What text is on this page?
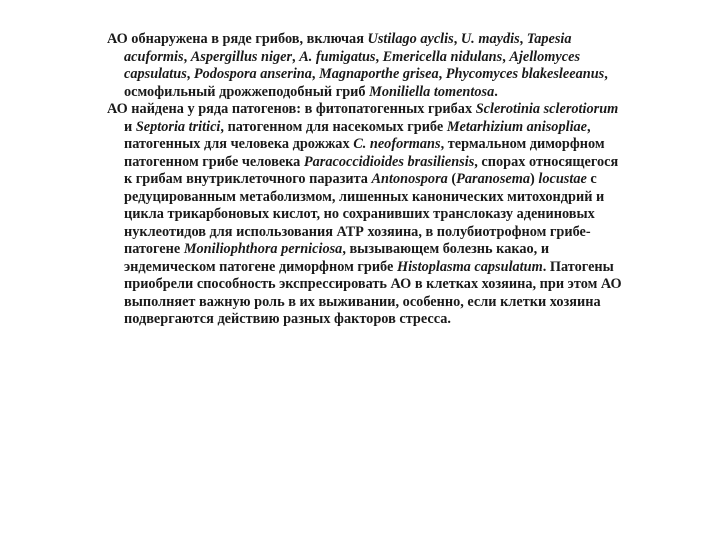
АО обнаружена в ряде грибов, включая Ustilago ayclis, U. maydis, Tapesia acuformis, Aspergillus niger, A. fumigatus, Emericella nidulans, Ajellomyces capsulatus, Podospora anserina, Magnaporthe grisea, Phycomyces blakesleeanus, осмофильный дрожжеподобный гриб Moniliella tomentosa.

АО найдена у ряда патогенов: в фитопатогенных грибах Sclerotinia sclerotiorum и Septoria tritici, патогенном для насекомых грибе Metarhizium anisopliae, патогенных для человека дрожжах C. neoformans, термальном диморфном патогенном грибе человека Paracoccidioides brasiliensis, спорах относящегося к грибам внутриклеточного паразита Antonospora (Paranosema) locustae с редуцированным метаболизмом, лишенных канонических митохондрий и цикла трикарбоновых кислот, но сохранивших транслоказу адениновых нуклеотидов для использования АТР хозяина, в полубиотрофном грибе-патогене Moniliophthora perniciosa, вызывающем болезнь какао, и эндемическом патогене диморфном грибе Histoplasma capsulatum. Патогены приобрели способность экспрессировать АО в клетках хозяина, при этом АО выполняет важную роль в их выживании, особенно, если клетки хозяина подвергаются действию разных факторов стресса.
